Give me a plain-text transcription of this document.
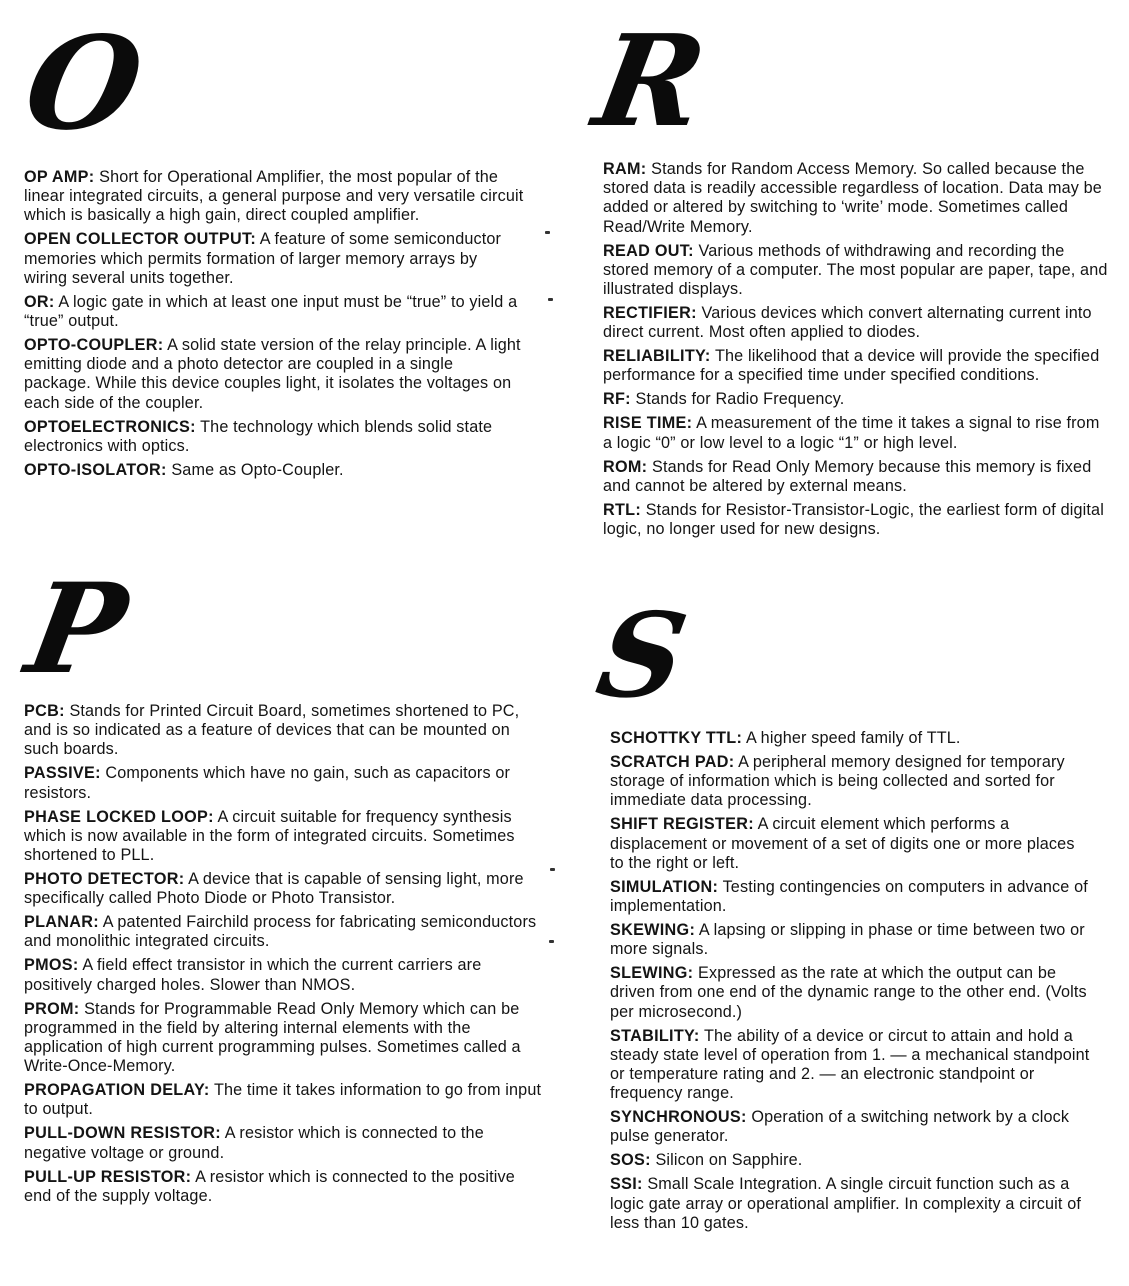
O

OP AMP: Short for Operational Amplifier, the most popular of the linear integrated circuits, a general purpose and very versatile circuit which is basically a high gain, direct coupled amplifier.

OPEN COLLECTOR OUTPUT: A feature of some semiconductor memories which permits formation of larger memory arrays by wiring several units together.

OR: A logic gate in which at least one input must be “true” to yield a “true” output.

OPTO-COUPLER: A solid state version of the relay principle. A light emitting diode and a photo detector are coupled in a single package. While this device couples light, it isolates the voltages on each side of the coupler.

OPTOELECTRONICS: The technology which blends solid state electronics with optics.

OPTO-ISOLATOR: Same as Opto-Coupler.

P

PCB: Stands for Printed Circuit Board, sometimes shortened to PC, and is so indicated as a feature of devices that can be mounted on such boards.

PASSIVE: Components which have no gain, such as capacitors or resistors.

PHASE LOCKED LOOP: A circuit suitable for frequency synthesis which is now available in the form of integrated circuits. Sometimes shortened to PLL.

PHOTO DETECTOR: A device that is capable of sensing light, more specifically called Photo Diode or Photo Transistor.

PLANAR: A patented Fairchild process for fabricating semiconductors and monolithic integrated circuits.

PMOS: A field effect transistor in which the current carriers are positively charged holes. Slower than NMOS.

PROM: Stands for Programmable Read Only Memory which can be programmed in the field by altering internal elements with the application of high current programming pulses. Sometimes called a Write-Once-Memory.

PROPAGATION DELAY: The time it takes information to go from input to output.

PULL-DOWN RESISTOR: A resistor which is connected to the negative voltage or ground.

PULL-UP RESISTOR: A resistor which is connected to the positive end of the supply voltage.

R

RAM: Stands for Random Access Memory. So called because the stored data is readily accessible regardless of location. Data may be added or altered by switching to ‘write’ mode. Sometimes called Read/Write Memory.

READ OUT: Various methods of withdrawing and recording the stored memory of a computer. The most popular are paper, tape, and illustrated displays.

RECTIFIER: Various devices which convert alternating current into direct current. Most often applied to diodes.

RELIABILITY: The likelihood that a device will provide the specified performance for a specified time under specified conditions.

RF: Stands for Radio Frequency.

RISE TIME: A measurement of the time it takes a signal to rise from a logic “0” or low level to a logic “1” or high level.

ROM: Stands for Read Only Memory because this memory is fixed and cannot be altered by external means.

RTL: Stands for Resistor-Transistor-Logic, the earliest form of digital logic, no longer used for new designs.

S

SCHOTTKY TTL: A higher speed family of TTL.

SCRATCH PAD: A peripheral memory designed for temporary storage of information which is being collected and sorted for immediate data processing.

SHIFT REGISTER: A circuit element which performs a displacement or movement of a set of digits one or more places to the right or left.

SIMULATION: Testing contingencies on computers in advance of implementation.

SKEWING: A lapsing or slipping in phase or time between two or more signals.

SLEWING: Expressed as the rate at which the output can be driven from one end of the dynamic range to the other end. (Volts per microsecond.)

STABILITY: The ability of a device or circut to attain and hold a steady state level of operation from 1. — a mechanical standpoint or temperature rating and 2. — an electronic standpoint or frequency range.

SYNCHRONOUS: Operation of a switching network by a clock pulse generator.

SOS: Silicon on Sapphire.

SSI: Small Scale Integration. A single circuit function such as a logic gate array or operational amplifier. In complexity a circuit of less than 10 gates.
